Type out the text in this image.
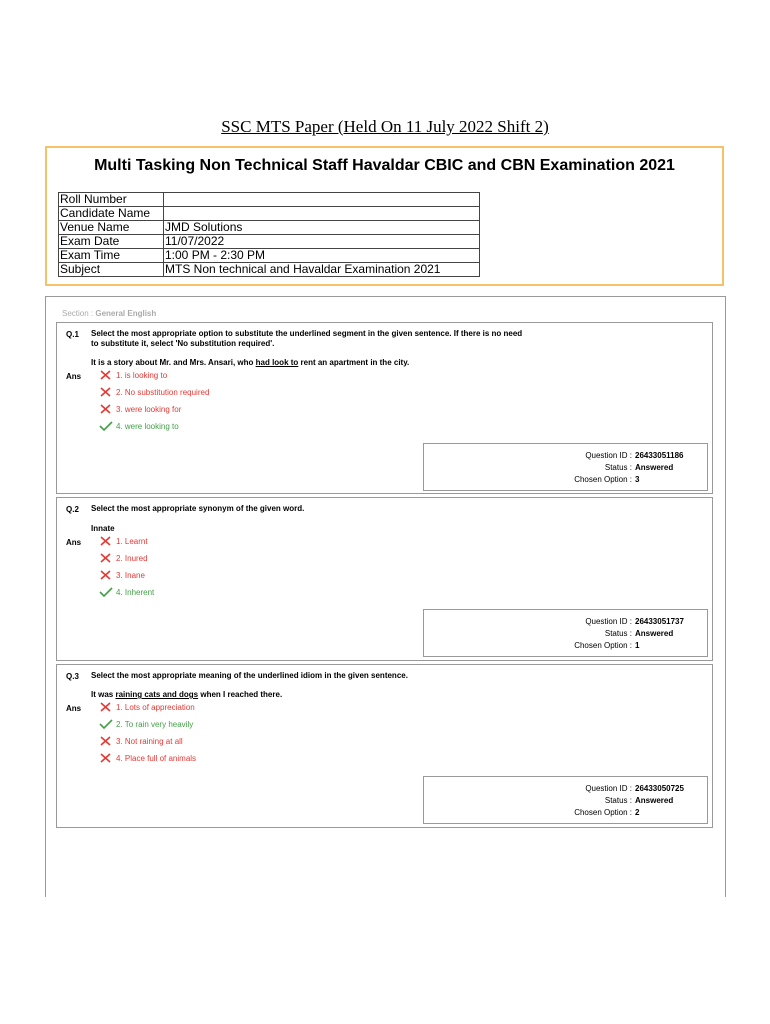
SSC MTS Paper (Held On 11 July 2022 Shift 2)
Multi Tasking Non Technical Staff Havaldar CBIC and CBN Examination 2021
Roll Number	
Candidate Name	
Venue Name	JMD Solutions
Exam Date	11/07/2022
Exam Time	1:00 PM - 2:30 PM
Subject	MTS Non technical and Havaldar Examination 2021
Section : General English
Q.1 Select the most appropriate option to substitute the underlined segment in the given sentence. If there is no need to substitute it, select 'No substitution required'.
It is a story about Mr. and Mrs. Ansari, who had look to rent an apartment in the city.
Ans	1. is looking to
2. No substitution required
3. were looking for
4. were looking to
Question ID : 26433051186
Status : Answered
Chosen Option : 3
Q.2 Select the most appropriate synonym of the given word.
Innate
Ans	1. Learnt
2. Inured
3. Inane
4. Inherent
Question ID : 26433051737
Status : Answered
Chosen Option : 1
Q.3 Select the most appropriate meaning of the underlined idiom in the given sentence.
It was raining cats and dogs when I reached there.
Ans	1. Lots of appreciation
2. To rain very heavily
3. Not raining at all
4. Place full of animals
Question ID : 26433050725
Status : Answered
Chosen Option : 2
